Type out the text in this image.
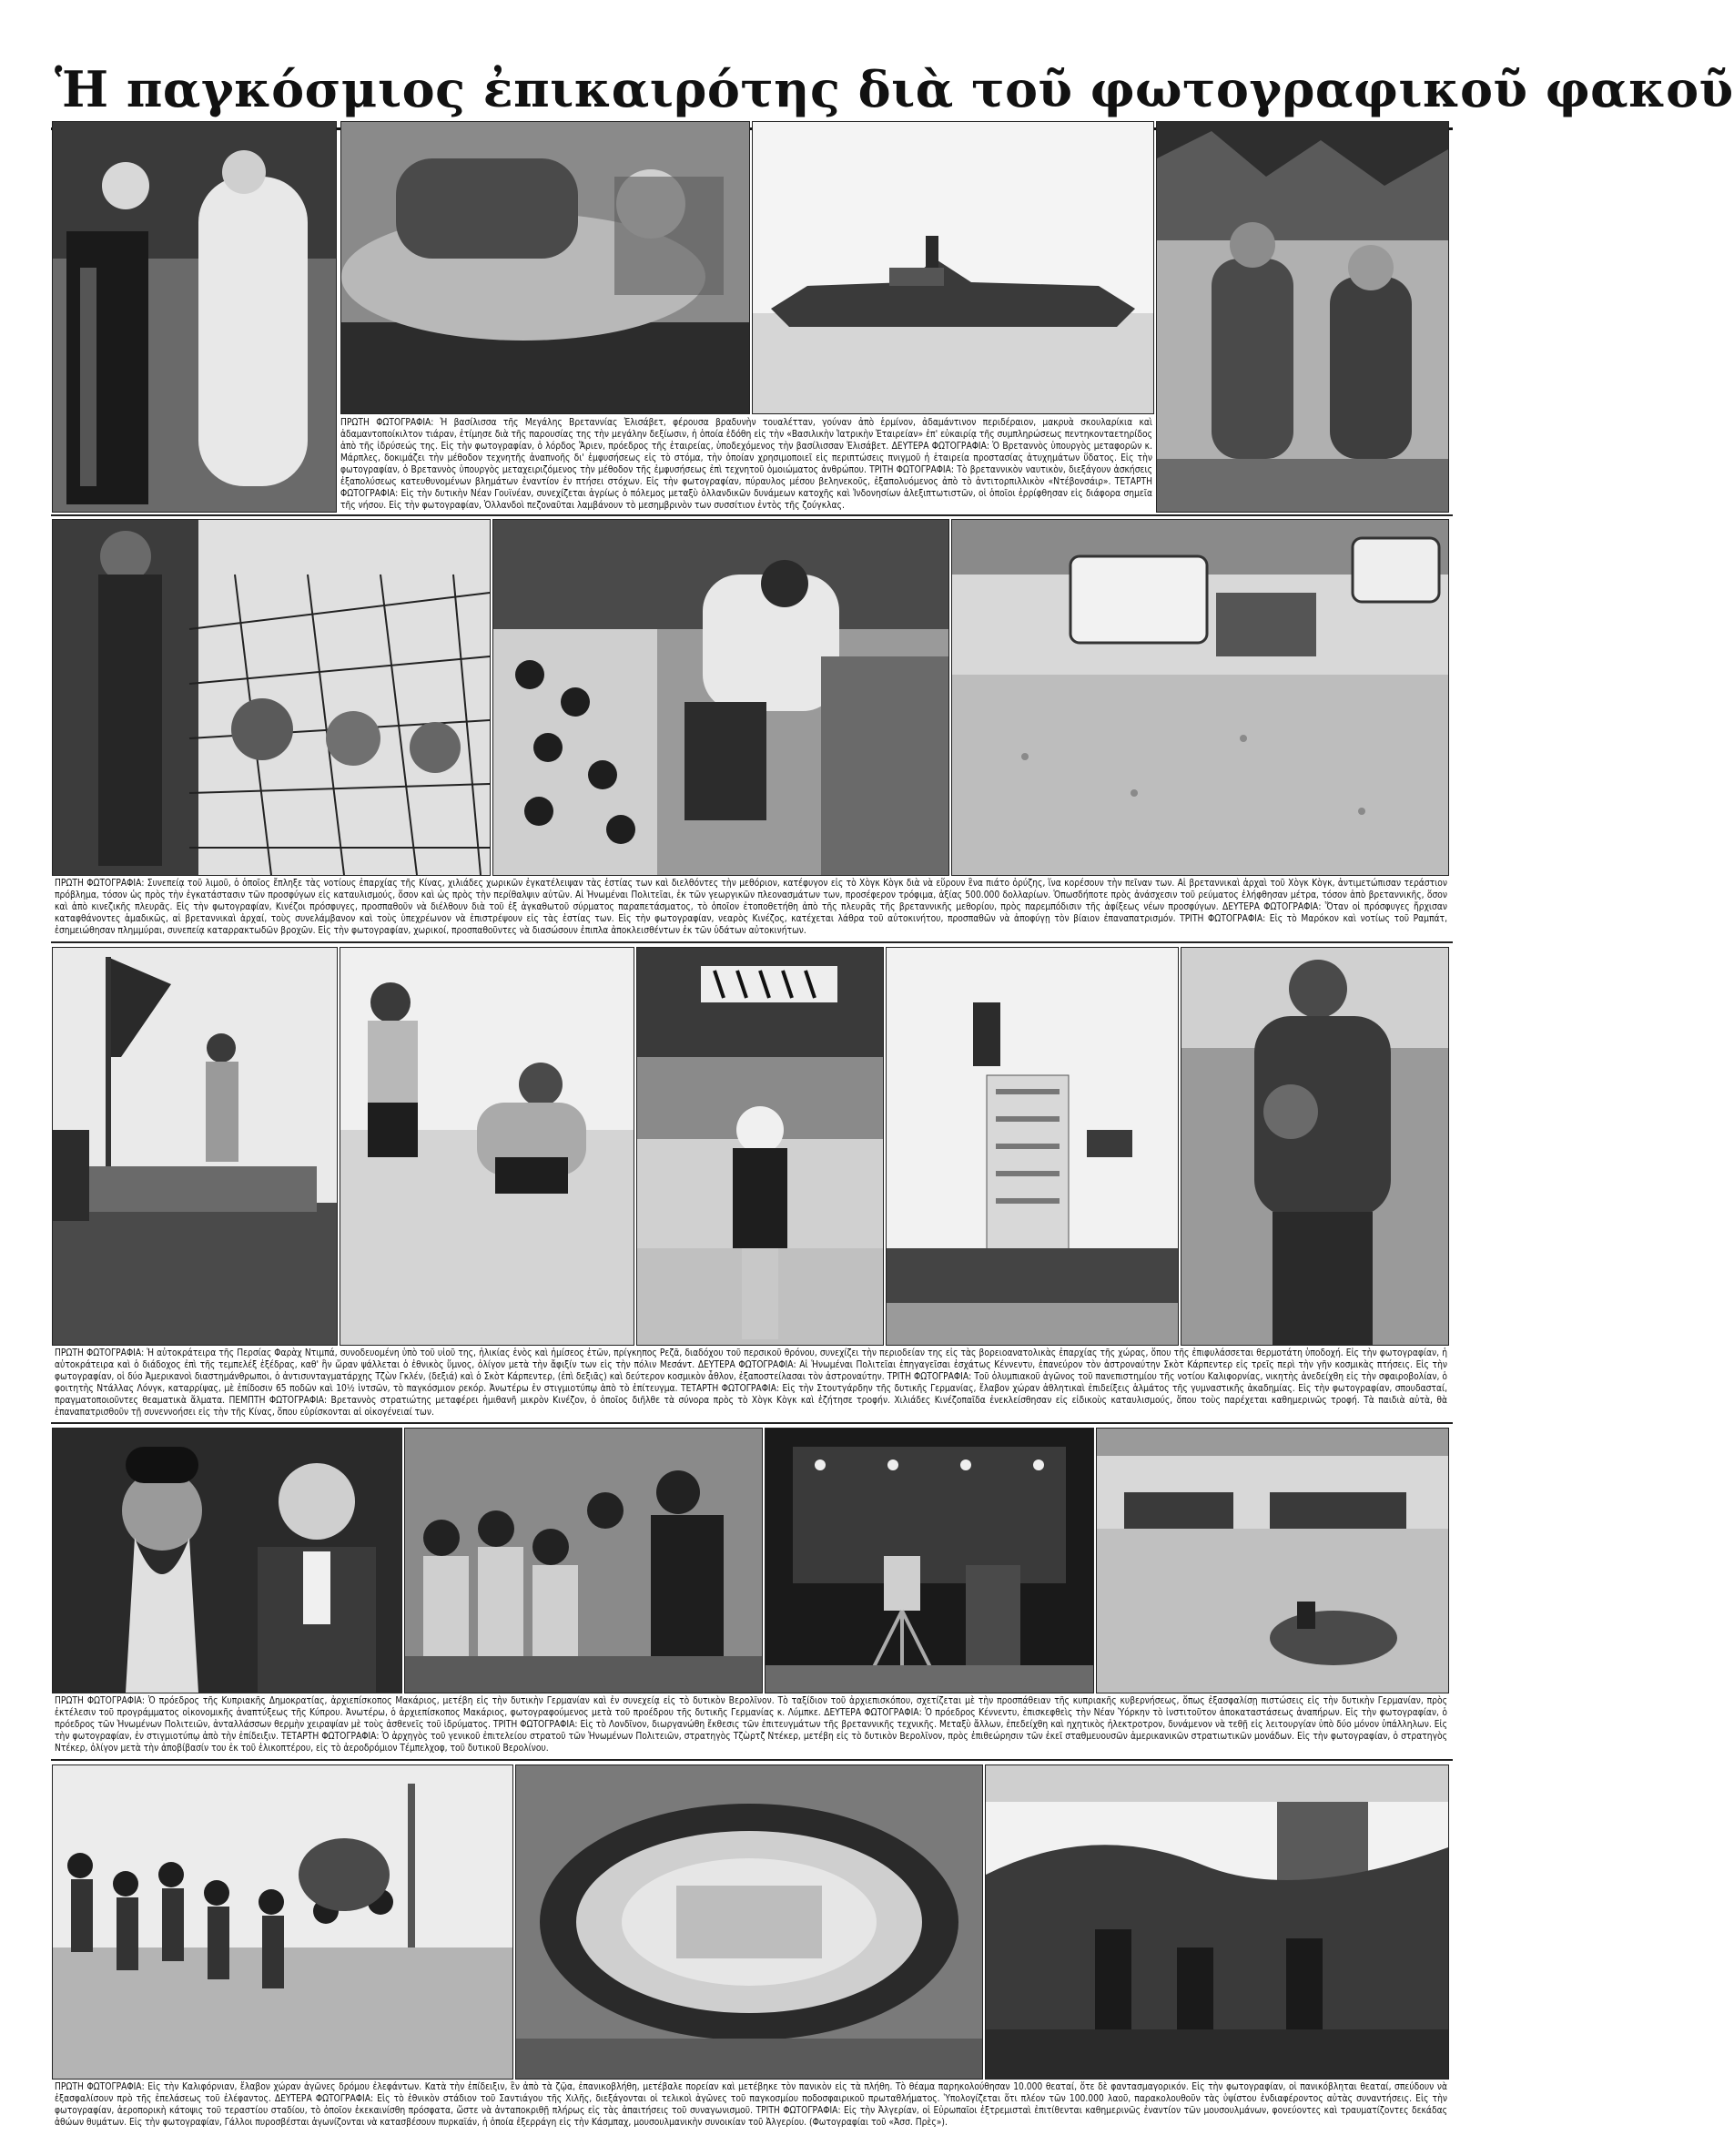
Ἡ παγκόσμιος ἐπικαιρότης διὰ τοῦ φωτογραφικοῦ φακοῦ
ΠΡΩΤΗ ΦΩΤΟΓΡΑΦΙΑ: Ἡ βασίλισσα τῆς Μεγάλης Βρεταννίας Ἐλισάβετ, φέρουσα βραδυνὴν τουαλέτταν, γούναν ἀπὸ ἑρμίνον, ἀδαμάντινον περιδέραιον, μακρυὰ σκουλαρίκια καὶ ἀδαμαντοποίκιλτον τιάραν, ἐτίμησε διὰ τῆς παρουσίας της τὴν μεγάλην δεξίωσιν, ἡ ὁποία ἐδόθη εἰς τὴν «Βασιλικὴν Ἰατρικὴν Ἑταιρείαν» ἐπ' εὐκαιρίᾳ τῆς συμπληρώσεως πεντηκονταετηρίδος ἀπὸ τῆς ἱδρύσεώς της. Εἰς τὴν φωτογραφίαν, ὁ λόρδος Ἄριεν, πρόεδρος τῆς ἑταιρείας, ὑποδεχόμενος τὴν βασίλισσαν Ἐλισάβετ. ΔΕΥΤΕΡΑ ΦΩΤΟΓΡΑΦΙΑ: Ὁ Βρεταννὸς ὑπουργὸς μεταφορῶν κ. Μάρπλες, δοκιμάζει τὴν μέθοδον τεχνητῆς ἀναπνοῆς δι' ἐμφυσήσεως εἰς τὸ στόμα, τὴν ὁποίαν χρησιμοποιεῖ εἰς περιπτώσεις πνιγμοῦ ἡ ἑταιρεία προστασίας ἀτυχημάτων ὕδατος. Εἰς τὴν φωτογραφίαν, ὁ Βρεταννὸς ὑπουργὸς μεταχειριζόμενος τὴν μέθοδον τῆς ἐμφυσήσεως ἐπὶ τεχνητοῦ ὁμοιώματος ἀνθρώπου. ΤΡΙΤΗ ΦΩΤΟΓΡΑΦΙΑ: Τὸ βρεταννικὸν ναυτικὸν, διεξάγουν ἀσκήσεις ἐξαπολύσεως κατευθυνομένων βλημάτων ἐναντίον ἐν πτήσει στόχων. Εἰς τὴν φωτογραφίαν, πύραυλος μέσου βεληνεκοῦς, ἐξαπολυόμενος ἀπὸ τὸ ἀντιτορπιλλικὸν «Ντέβονσάιρ». ΤΕΤΑΡΤΗ ΦΩΤΟΓΡΑΦΙΑ: Εἰς τὴν δυτικὴν Νέαν Γουϊνέαν, συνεχίζεται ἀγρίως ὁ πόλεμος μεταξὺ ὁλλανδικῶν δυνάμεων κατοχῆς καὶ Ἰνδονησίων ἀλεξιπτωτιστῶν, οἱ ὁποῖοι ἐρρίφθησαν εἰς διάφορα σημεῖα τῆς νήσου. Εἰς τὴν φωτογραφίαν, Ὁλλανδοὶ πεζοναῦται λαμβάνουν τὸ μεσημβρινὸν των συσσίτιον ἐντὸς τῆς ζούγκλας.
ΠΡΩΤΗ ΦΩΤΟΓΡΑΦΙΑ: Συνεπείᾳ τοῦ λιμοῦ, ὁ ὁποῖος ἔπληξε τὰς νοτίους ἐπαρχίας τῆς Κίνας, χιλιάδες χωρικῶν ἐγκατέλειψαν τὰς ἑστίας των καὶ διελθόντες τὴν μεθόριον, κατέφυγον εἰς τὸ Χὸγκ Κὸγκ διὰ νὰ εὕρουν ἓνα πιάτο ὀρύζης, ἵνα κορέσουν τὴν πεῖναν των. Αἱ βρεταννικαὶ ἀρχαὶ τοῦ Χὸγκ Κὸγκ, ἀντιμετώπισαν τεράστιον πρόβλημα, τόσον ὡς πρὸς τὴν ἐγκατάστασιν τῶν προσφύγων εἰς καταυλισμούς, ὅσον καὶ ὡς πρὸς τὴν περίθαλψιν αὐτῶν. Αἱ Ἡνωμέναι Πολιτεῖαι, ἐκ τῶν γεωργικῶν πλεονασμάτων των, προσέφερον τρόφιμα, ἀξίας 500.000 δολλαρίων. Ὁπωσδήποτε πρὸς ἀνάσχεσιν τοῦ ρεύματος ἐλήφθησαν μέτρα, τόσον ἀπὸ βρεταννικῆς, ὅσον καὶ ἀπὸ κινεζικῆς πλευρᾶς. Εἰς τὴν φωτογραφίαν, Κινέζοι πρόσφυγες, προσπαθοῦν νὰ διέλθουν διὰ τοῦ ἐξ ἀγκαθωτοῦ σύρματος παραπετάσματος, τὸ ὁποῖον ἐτοποθετήθη ἀπὸ τῆς πλευρᾶς τῆς βρεταννικῆς μεθορίου, πρὸς παρεμπόδισιν τῆς ἀφίξεως νέων προσφύγων. ΔΕΥΤΕΡΑ ΦΩΤΟΓΡΑΦΙΑ: Ὅταν οἱ πρόσφυγες ἤρχισαν καταφθάνοντες ἁμαδικῶς, αἱ βρεταννικαὶ ἀρχαί, τοὺς συνελάμβανον καὶ τοὺς ὑπεχρέωνον νὰ ἐπιστρέψουν εἰς τὰς ἑστίας των. Εἰς τὴν φωτογραφίαν, νεαρὸς Κινέζος, κατέχεται λάθρα τοῦ αὐτοκινήτου, προσπαθῶν νὰ ἀποφύγῃ τὸν βίαιον ἐπαναπατρισμόν. ΤΡΙΤΗ ΦΩΤΟΓΡΑΦΙΑ: Εἰς τὸ Μαρόκον καὶ νοτίως τοῦ Ραμπάτ, ἐσημειώθησαν πλημμύραι, συνεπείᾳ καταρρακτωδῶν βροχῶν. Εἰς τὴν φωτογραφίαν, χωρικοί, προσπαθοῦντες νὰ διασώσουν ἐπιπλα ἀποκλεισθέντων ἐκ τῶν ὑδάτων αὐτοκινήτων.
ΠΡΩΤΗ ΦΩΤΟΓΡΑΦΙΑ: Ἡ αὐτοκράτειρα τῆς Περσίας Φαρὰχ Ντιμπά, συνοδευομένη ὑπὸ τοῦ υἱοῦ της, ἡλικίας ἑνὸς καὶ ἡμίσεος ἐτῶν, πρίγκηπος Ρεζᾶ, διαδόχου τοῦ περσικοῦ θρόνου, συνεχίζει τὴν περιοδείαν της εἰς τὰς βορειοανατολικὰς ἐπαρχίας τῆς χώρας, ὅπου τῆς ἐπιφυλάσσεται θερμοτάτη ὑποδοχή. Εἰς τὴν φωτογραφίαν, ἡ αὐτοκράτειρα καὶ ὁ διάδοχος ἐπὶ τῆς τεμπελέξ ἐξέδρας, καθ' ἣν ὥραν ψάλλεται ὁ ἐθνικὸς ὕμνος, ὀλίγον μετὰ τὴν ἄφιξίν των εἰς τὴν πόλιν Μεσάντ. ΔΕΥΤΕΡΑ ΦΩΤΟΓΡΑΦΙΑ: Αἱ Ἡνωμέναι Πολιτεῖαι ἐπηγαγεῖσαι ἐσχάτως Κέννεντυ, ἐπανεύρον τὸν ἀστροναύτην Σκὸτ Κάρπεντερ εἰς τρεῖς περὶ τὴν γῆν κοσμικὰς πτήσεις. Εἰς τὴν φωτογραφίαν, οἱ δύο Ἀμερικανοὶ διαστημάνθρωποι, ὁ ἀντισυνταγματάρχης Τζὼν Γκλέν, (δεξιά) καὶ ὁ Σκὸτ Κάρπεντερ, (ἐπὶ δεξιᾶς) καὶ δεύτερον κοσμικὸν ἆθλον, ἐξαποστείλασαι τὸν ἀστροναύτην. ΤΡΙΤΗ ΦΩΤΟΓΡΑΦΙΑ: Τοῦ ὁλυμπιακοῦ ἀγῶνος τοῦ πανεπιστημίου τῆς νοτίου Καλιφορνίας, νικητὴς ἀνεδείχθη εἰς τὴν σφαιροβολίαν, ὁ φοιτητὴς Ντάλλας Λόνγκ, καταρρίψας, μὲ ἐπίδοσιν 65 ποδῶν καὶ 10½ ἰντσῶν, τὸ παγκόσμιον ρεκόρ. Ἀνωτέρω ἐν στιγμιοτύπῳ ἀπὸ τὸ ἐπίτευγμα. ΤΕΤΑΡΤΗ ΦΩΤΟΓΡΑΦΙΑ: Εἰς τὴν Στουτγάρδην τῆς δυτικῆς Γερμανίας, ἔλαβον χώραν ἀθλητικαὶ ἐπιδείξεις ἁλμάτος τῆς γυμναστικῆς ἀκαδημίας. Εἰς τὴν φωτογραφίαν, σπουδασταί, πραγματοποιοῦντες θεαματικὰ ἅλματα. ΠΕΜΠΤΗ ΦΩΤΟΓΡΑΦΙΑ: Βρεταννὸς στρατιώτης μεταφέρει ἡμιθανῆ μικρὸν Κινέζον, ὁ ὁποῖος διῆλθε τὰ σύνορα πρὸς τὸ Χὸγκ Κὸγκ καὶ ἐζήτησε τροφήν. Χιλιάδες Κινέζοπαῖδα ἐνεκλείσθησαν εἰς εἰδικοὺς καταυλισμούς, ὅπου τοὺς παρέχεται καθημερινῶς τροφή. Τὰ παιδιὰ αὐτὰ, θὰ ἐπαναπατρισθοῦν τῇ συνεννοήσει εἰς τὴν τῆς Κίνας, ὅπου εὑρίσκονται αἱ οἰκογένειαί των.
ΠΡΩΤΗ ΦΩΤΟΓΡΑΦΙΑ: Ὁ πρόεδρος τῆς Κυπριακῆς Δημοκρατίας, ἀρχιεπίσκοπος Μακάριος, μετέβη εἰς τὴν δυτικὴν Γερμανίαν καὶ ἐν συνεχείᾳ εἰς τὸ δυτικὸν Βερολῖνον. Τὸ ταξίδιον τοῦ ἀρχιεπισκόπου, σχετίζεται μὲ τὴν προσπάθειαν τῆς κυπριακῆς κυβερνήσεως, ὅπως ἐξασφαλίσῃ πιστώσεις εἰς τὴν δυτικὴν Γερμανίαν, πρὸς ἐκτέλεσιν τοῦ προγράμματος οἰκονομικῆς ἀναπτύξεως τῆς Κύπρου. Ἀνωτέρω, ὁ ἀρχιεπίσκοπος Μακάριος, φωτογραφούμενος μετὰ τοῦ προέδρου τῆς δυτικῆς Γερμανίας κ. Λύμπκε. ΔΕΥΤΕΡΑ ΦΩΤΟΓΡΑΦΙΑ: Ὁ πρόεδρος Κέννεντυ, ἐπισκεφθεὶς τὴν Νέαν Ὑόρκην τὸ ἰνστιτοῦτον ἀποκαταστάσεως ἀναπήρων. Εἰς τὴν φωτογραφίαν, ὁ πρόεδρος τῶν Ἡνωμένων Πολιτειῶν, ἀνταλλάσσων θερμὴν χειραψίαν μὲ τοὺς ἀσθενεῖς τοῦ ἱδρύματος. ΤΡΙΤΗ ΦΩΤΟΓΡΑΦΙΑ: Εἰς τὸ Λονδῖνον, διωργανώθη ἔκθεσις τῶν ἐπιτευγμάτων τῆς βρεταννικῆς τεχνικῆς. Μεταξὺ ἄλλων, ἐπεδείχθη καὶ ηχητικὸς ἠλεκτροτρον, δυνάμενον νὰ τεθῇ εἰς λειτουργίαν ὑπὸ δύο μόνον ὑπάλληλων. Εἰς τὴν φωτογραφίαν, ἐν στιγμιοτύπῳ ἀπὸ τὴν ἐπίδειξιν. ΤΕΤΑΡΤΗ ΦΩΤΟΓΡΑΦΙΑ: Ὁ ἀρχηγὸς τοῦ γενικοῦ ἐπιτελείου στρατοῦ τῶν Ἡνωμένων Πολιτειῶν, στρατηγὸς Τζὼρτζ Ντέκερ, μετέβη εἰς τὸ δυτικὸν Βερολῖνον, πρὸς ἐπιθεώρησιν τῶν ἐκεῖ σταθμευουσῶν ἀμερικανικῶν στρατιωτικῶν μονάδων. Εἰς τὴν φωτογραφίαν, ὁ στρατηγὸς Ντέκερ, ὀλίγον μετὰ τὴν ἀποβίβασίν του ἐκ τοῦ ἑλικοπτέρου, εἰς τὸ ἀεροδρόμιον Τέμπελχοφ, τοῦ δυτικοῦ Βερολίνου.
ΠΡΩΤΗ ΦΩΤΟΓΡΑΦΙΑ: Εἰς τὴν Καλιφόρνιαν, ἔλαβον χώραν ἀγῶνες δρόμου ἐλεφάντων. Κατὰ τὴν ἐπίδειξιν, ἓν ἀπὸ τὰ ζῷα, ἐπανικοβλήθη, μετέβαλε πορείαν καὶ μετέβηκε τὸν πανικὸν εἰς τὰ πλήθη. Τὸ θέαμα παρηκολούθησαν 10.000 θεαταί, ὅτε δὲ φαντασμαγορικόν. Εἰς τὴν φωτογραφίαν, οἱ πανικόβληται θεαταί, σπεύδουν νὰ ἐξασφαλίσουν πρὸ τῆς ἐπελάσεως τοῦ ἐλέφαντος. ΔΕΥΤΕΡΑ ΦΩΤΟΓΡΑΦΙΑ: Εἰς τὸ ἐθνικὸν στάδιον τοῦ Σαντιάγου τῆς Χιλῆς, διεξάγονται οἱ τελικοὶ ἀγῶνες τοῦ παγκοσμίου ποδοσφαιρικοῦ πρωταθλήματος. Ὑπολογίζεται ὅτι πλέον τῶν 100.000 λαοῦ, παρακολουθοῦν τὰς ὑψίστου ἐνδιαφέροντος αὐτὰς συναντήσεις. Εἰς τὴν φωτογραφίαν, ἀεροπορικὴ κάτοψις τοῦ τεραστίου σταδίου, τὸ ὁποῖον ἐκεκαινίσθη πρόσφατα, ὥστε νὰ ἀνταποκριθῇ πλήρως εἰς τὰς ἀπαιτήσεις τοῦ συναγωνισμοῦ. ΤΡΙΤΗ ΦΩΤΟΓΡΑΦΙΑ: Εἰς τὴν Ἀλγερίαν, οἱ Εὐρωπαῖοι ἐξτρεμισταὶ ἐπιτίθενται καθημερινῶς ἐναντίον τῶν μουσουλμάνων, φονεύοντες καὶ τραυματίζοντες δεκάδας ἀθώων θυμάτων. Εἰς τὴν φωτογραφίαν, Γάλλοι πυροσβέσται ἀγωνίζονται νὰ κατασβέσουν πυρκαϊάν, ἡ ὁποία ἐξερράγη εἰς τὴν Κάσμπαχ, μουσουλμανικὴν συνοικίαν τοῦ Ἀλγερίου. (Φωτογραφίαι τοῦ «Ἀσσ. Πρὲς»).
